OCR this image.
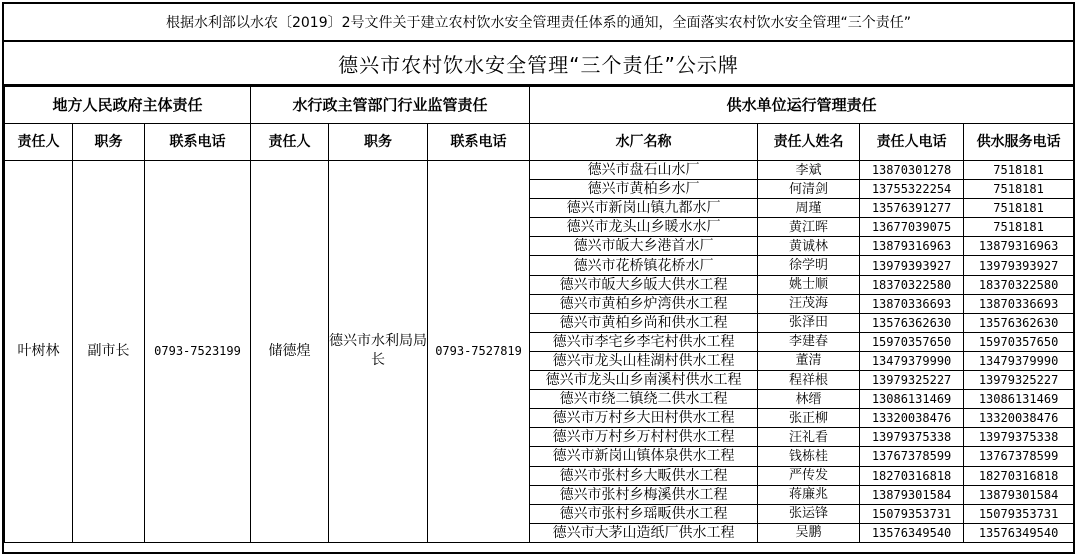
根据水利部以水农〔2019〕2号文件关于建立农村饮水安全管理责任体系的通知，全面落实农村饮水安全管理“三个责任”
德兴市农村饮水安全管理“三个责任”公示牌
地方人民政府主体责任			水行政主管部门行业监管责任			供水单位运行管理责任			
责任人	职务	联系电话	责任人	职务	联系电话	水厂名称	责任人姓名	责任人电话	供水服务电话
叶树林	副市长	0793-7523199	储德煌	德兴市水利局局长	0793-7527819	德兴市盘石山水厂	李斌	13870301278	7518181
						德兴市黄柏乡水厂	何清剑	13755322254	7518181
						德兴市新岗山镇九都水厂	周瑾	13576391277	7518181
						德兴市龙头山乡暖水水厂	黄江晖	13677039075	7518181
						德兴市皈大乡港首水厂	黄诚林	13879316963	13879316963
						德兴市花桥镇花桥水厂	徐学明	13979393927	13979393927
						德兴市皈大乡皈大供水工程	姚士顺	18370322580	18370322580
						德兴市黄柏乡炉湾供水工程	汪茂海	13870336693	13870336693
						德兴市黄柏乡尚和供水工程	张泽田	13576362630	13576362630
						德兴市李宅乡李宅村供水工程	李建春	15970357650	15970357650
						德兴市龙头山桂湖村供水工程	董清	13479379990	13479379990
						德兴市龙头山乡南溪村供水工程	程祥根	13979325227	13979325227
						德兴市绕二镇绕二供水工程	林缙	13086131469	13086131469
						德兴市万村乡大田村供水工程	张正柳	13320038476	13320038476
						德兴市万村乡万村村供水工程	汪礼看	13979375338	13979375338
						德兴市新岗山镇体泉供水工程	钱栋桂	13767378599	13767378599
						德兴市张村乡大畈供水工程	严传发	18270316818	18270316818
						德兴市张村乡梅溪供水工程	蒋廉兆	13879301584	13879301584
						德兴市张村乡瑶畈供水工程	张运锋	15079353731	15079353731
						德兴市大茅山造纸厂供水工程	吴鹏	13576349540	13576349540
